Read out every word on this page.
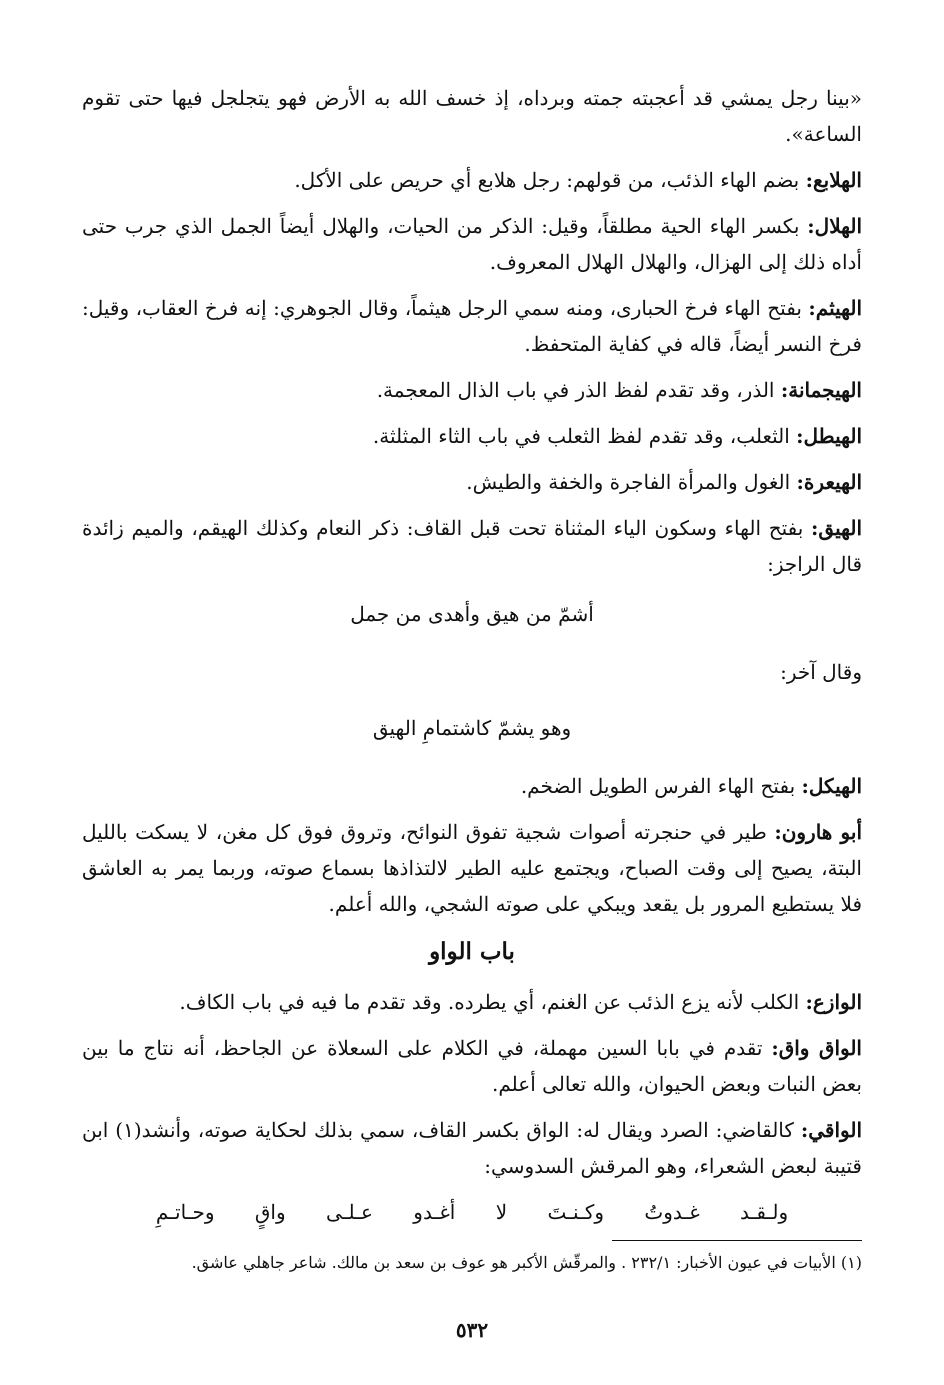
«بينا رجل يمشي قد أعجبته جمته وبرداه، إذ خسف الله به الأرض فهو يتجلجل فيها حتى تقوم الساعة».

الهلابع: بضم الهاء الذئب، من قولهم: رجل هلابع أي حريص على الأكل.

الهلال: بكسر الهاء الحية مطلقاً، وقيل: الذكر من الحيات، والهلال أيضاً الجمل الذي جرب حتى أداه ذلك إلى الهزال، والهلال الهلال المعروف.

الهيثم: بفتح الهاء فرخ الحبارى، ومنه سمي الرجل هيثماً، وقال الجوهري: إنه فرخ العقاب، وقيل: فرخ النسر أيضاً، قاله في كفاية المتحفظ.

الهيجمانة: الذر، وقد تقدم لفظ الذر في باب الذال المعجمة.

الهيطل: الثعلب، وقد تقدم لفظ الثعلب في باب الثاء المثلثة.

الهيعرة: الغول والمرأة الفاجرة والخفة والطيش.

الهيق: بفتح الهاء وسكون الياء المثناة تحت قبل القاف: ذكر النعام وكذلك الهيقم، والميم زائدة قال الراجز:

أشمّ من هيق وأهدى من جمل
وقال آخر:
وهو يشمّ كاشتمامِ الهيق

الهيكل: بفتح الهاء الفرس الطويل الضخم.

أبو هارون: طير في حنجرته أصوات شجية تفوق النوائح، وتروق فوق كل مغن، لا يسكت بالليل البتة، يصيح إلى وقت الصباح، ويجتمع عليه الطير لالتذاذها بسماع صوته، وربما يمر به العاشق فلا يستطيع المرور بل يقعد ويبكي على صوته الشجي، والله أعلم.

باب الواو

الوازع: الكلب لأنه يزع الذئب عن الغنم، أي يطرده. وقد تقدم ما فيه في باب الكاف.

الواق واق: تقدم في بابا السين مهملة، في الكلام على السعلاة عن الجاحظ، أنه نتاج ما بين بعض النبات وبعض الحيوان، والله تعالى أعلم.

الواقي: كالقاضي: الصرد ويقال له: الواق بكسر القاف، سمي بذلك لحكاية صوته، وأنشد(١) ابن قتيبة لبعض الشعراء، وهو المرقش السدوسي:

ولـقـد غـدوتُ وكـنـتَ لا أغـدو عـلـى واقٍ وحـاتـمِ

(١) الأبيات في عيون الأخبار: ٢٣٢/١ . والمرقّش الأكبر هو عوف بن سعد بن مالك. شاعر جاهلي عاشق.
٥٣٢
